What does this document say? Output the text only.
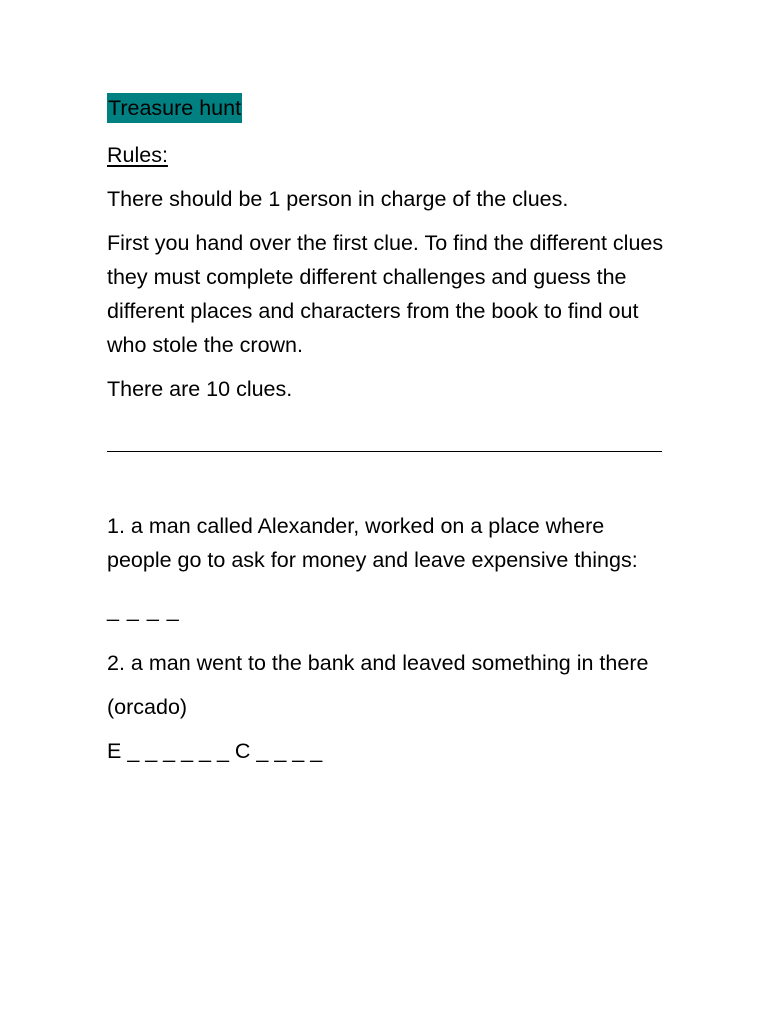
Treasure hunt
Rules:

There should be 1 person in charge of the clues.

First you hand over the first clue. To find the different clues they must complete different challenges and guess the different places and characters from the book to find out who stole the crown.

There are 10 clues.

1. a man called Alexander, worked on a place where people go to ask for money and leave expensive things:

_ _ _ _

2. a man went to the bank and leaved something in there

(orcado)

E _ _ _ _ _ _ C _ _ _ _
